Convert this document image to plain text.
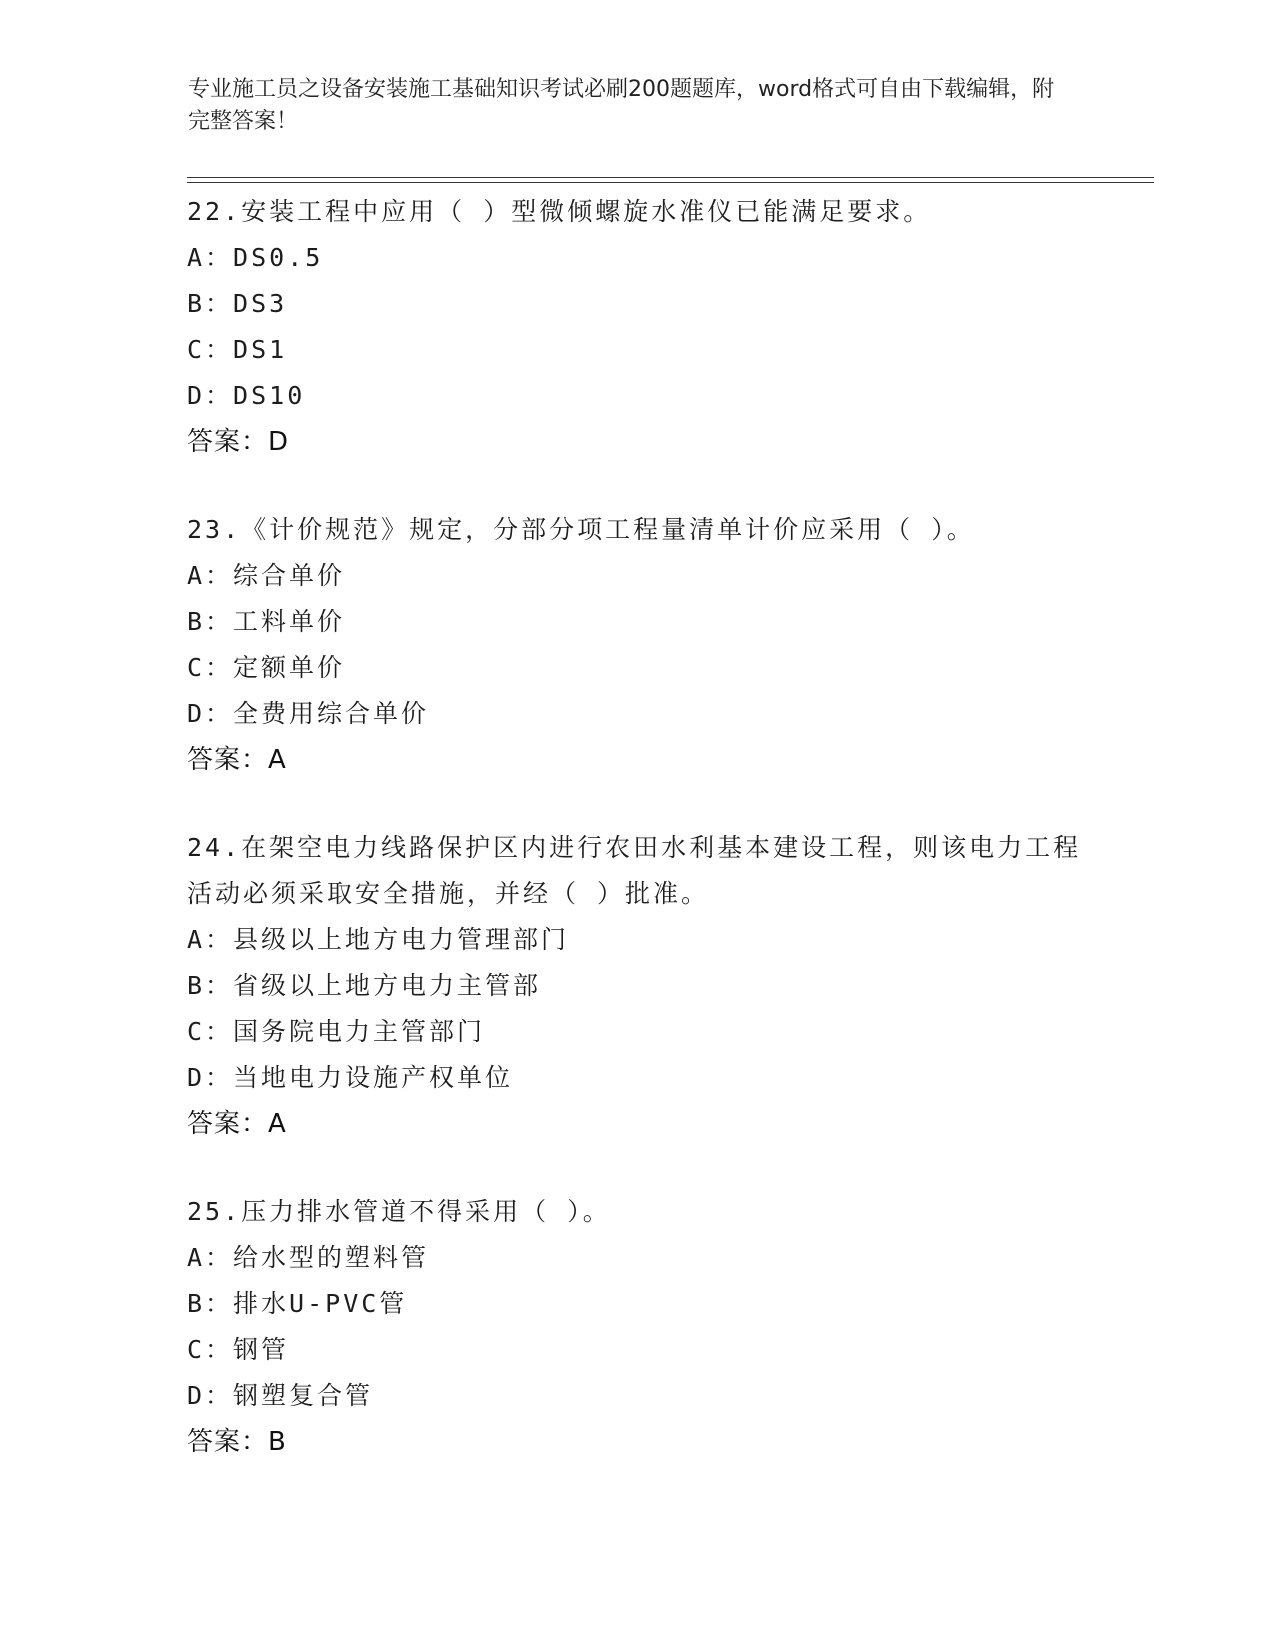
专业施工员之设备安装施工基础知识考试必刷200题题库，word格式可自由下载编辑，附完整答案！
22.安装工程中应用（ ）型微倾螺旋水准仪已能满足要求。
A：DS0.5
B：DS3
C：DS1
D：DS10
答案：D
23.《计价规范》规定，分部分项工程量清单计价应采用（ ）。
A：综合单价
B：工料单价
C：定额单价
D：全费用综合单价
答案：A
24.在架空电力线路保护区内进行农田水利基本建设工程，则该电力工程活动必须采取安全措施，并经（ ）批准。
A：县级以上地方电力管理部门
B：省级以上地方电力主管部
C：国务院电力主管部门
D：当地电力设施产权单位
答案：A
25.压力排水管道不得采用（ ）。
A：给水型的塑料管
B：排水U-PVC管
C：钢管
D：钢塑复合管
答案：B
